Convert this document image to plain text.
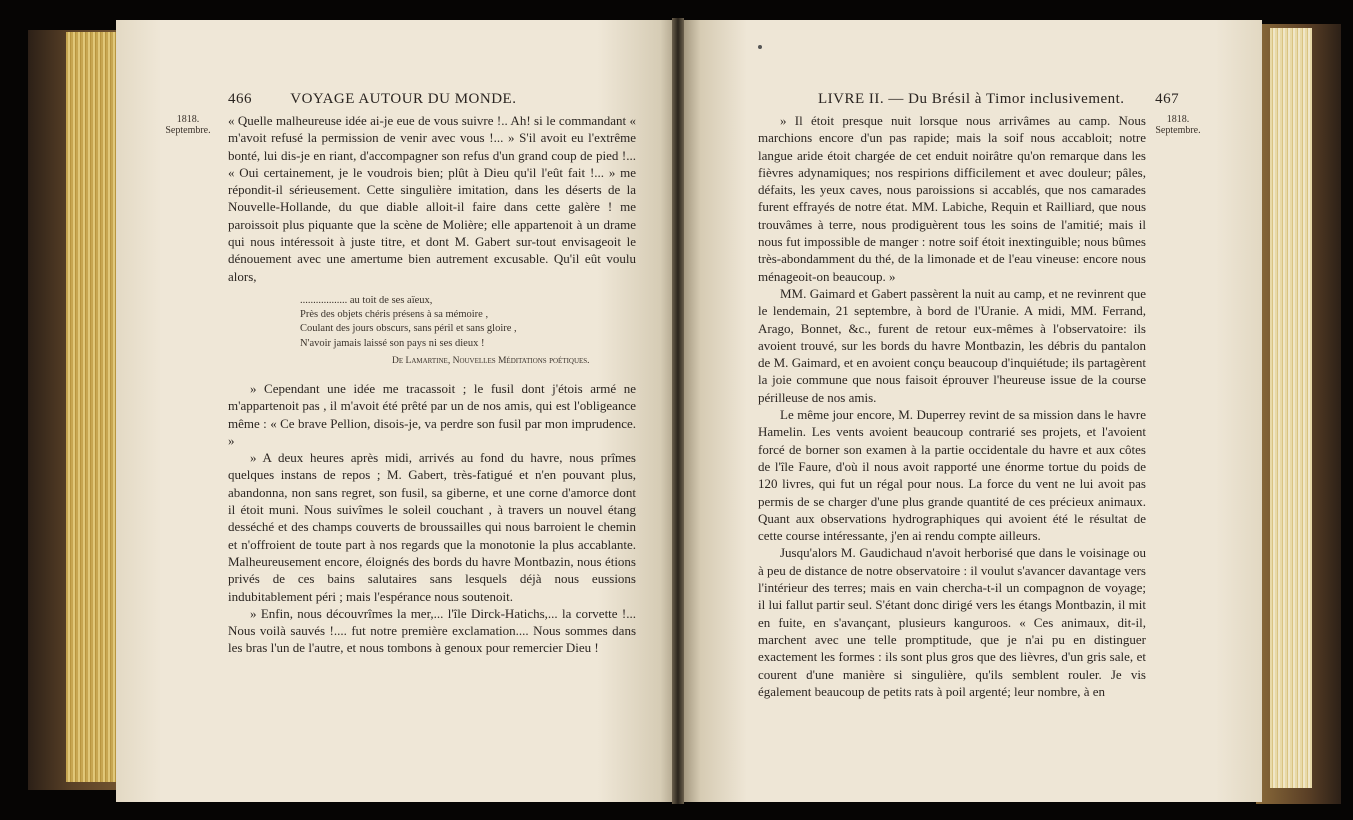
1818.
Septembre.
466	VOYAGE AUTOUR DU MONDE.

« Quelle malheureuse idée ai-je eue de vous suivre !.. Ah! si le commandant « m'avoit refusé la permission de venir avec vous !... » S'il avoit eu l'extrême bonté, lui dis-je en riant, d'accompagner son refus d'un grand coup de pied !... « Oui certainement, je le voudrois bien; plût à Dieu qu'il l'eût fait !... » me répondit-il sérieusement. Cette singulière imitation, dans les déserts de la Nouvelle-Hollande, du que diable alloit-il faire dans cette galère ! me paroissoit plus piquante que la scène de Molière; elle appartenoit à un drame qui nous intéressoit à juste titre, et dont M. Gabert sur-tout envisageoit le dénouement avec une amertume bien autrement excusable. Qu'il eût voulu alors,

.................. au toit de ses aïeux,
Près des objets chéris présens à sa mémoire ,
Coulant des jours obscurs, sans péril et sans gloire ,
N'avoir jamais laissé son pays ni ses dieux !
De Lamartine, Nouvelles Méditations poétiques.

» Cependant une idée me tracassoit ; le fusil dont j'étois armé ne m'appartenoit pas , il m'avoit été prêté par un de nos amis, qui est l'obligeance même : « Ce brave Pellion, disois-je, va perdre son fusil par mon imprudence. »

» A deux heures après midi, arrivés au fond du havre, nous prîmes quelques instans de repos ; M. Gabert, très-fatigué et n'en pouvant plus, abandonna, non sans regret, son fusil, sa giberne, et une corne d'amorce dont il étoit muni. Nous suivîmes le soleil couchant , à travers un nouvel étang desséché et des champs couverts de broussailles qui nous barroient le chemin et n'offroient de toute part à nos regards que la monotonie la plus accablante. Malheureusement encore, éloignés des bords du havre Montbazin, nous étions privés de ces bains salutaires sans lesquels déjà nous eussions indubitablement péri ; mais l'espérance nous soutenoit.

» Enfin, nous découvrîmes la mer,... l'île Dirck-Hatichs,... la corvette !... Nous voilà sauvés !.... fut notre première exclamation.... Nous sommes dans les bras l'un de l'autre, et nous tombons à genoux pour remercier Dieu !

LIVRE II. — Du Brésil à Timor inclusivement. 467
1818.
Septembre.

» Il étoit presque nuit lorsque nous arrivâmes au camp. Nous marchions encore d'un pas rapide; mais la soif nous accabloit; notre langue aride étoit chargée de cet enduit noirâtre qu'on remarque dans les fièvres adynamiques; nos respirions difficilement et avec douleur; pâles, défaits, les yeux caves, nous paroissions si accablés, que nos camarades furent effrayés de notre état. MM. Labiche, Requin et Railliard, que nous trouvâmes à terre, nous prodiguèrent tous les soins de l'amitié; mais il nous fut impossible de manger : notre soif étoit inextinguible; nous bûmes très-abondamment du thé, de la limonade et de l'eau vineuse: encore nous ménageoit-on beaucoup. »

MM. Gaimard et Gabert passèrent la nuit au camp, et ne revinrent que le lendemain, 21 septembre, à bord de l'Uranie. A midi, MM. Ferrand, Arago, Bonnet, &c., furent de retour eux-mêmes à l'observatoire: ils avoient trouvé, sur les bords du havre Montbazin, les débris du pantalon de M. Gaimard, et en avoient conçu beaucoup d'inquiétude; ils partagèrent la joie commune que nous faisoit éprouver l'heureuse issue de la course périlleuse de nos amis.

Le même jour encore, M. Duperrey revint de sa mission dans le havre Hamelin. Les vents avoient beaucoup contrarié ses projets, et l'avoient forcé de borner son examen à la partie occidentale du havre et aux côtes de l'île Faure, d'où il nous avoit rapporté une énorme tortue du poids de 120 livres, qui fut un régal pour nous. La force du vent ne lui avoit pas permis de se charger d'une plus grande quantité de ces précieux animaux. Quant aux observations hydrographiques qui avoient été le résultat de cette course intéressante, j'en ai rendu compte ailleurs.

Jusqu'alors M. Gaudichaud n'avoit herborisé que dans le voisinage ou à peu de distance de notre observatoire : il voulut s'avancer davantage vers l'intérieur des terres; mais en vain chercha-t-il un compagnon de voyage; il lui fallut partir seul. S'étant donc dirigé vers les étangs Montbazin, il mit en fuite, en s'avançant, plusieurs kanguroos. « Ces animaux, dit-il, marchent avec une telle promptitude, que je n'ai pu en distinguer exactement les formes : ils sont plus gros que des lièvres, d'un gris sale, et courent d'une manière si singulière, qu'ils semblent rouler. Je vis également beaucoup de petits rats à poil argenté; leur nombre, à en
